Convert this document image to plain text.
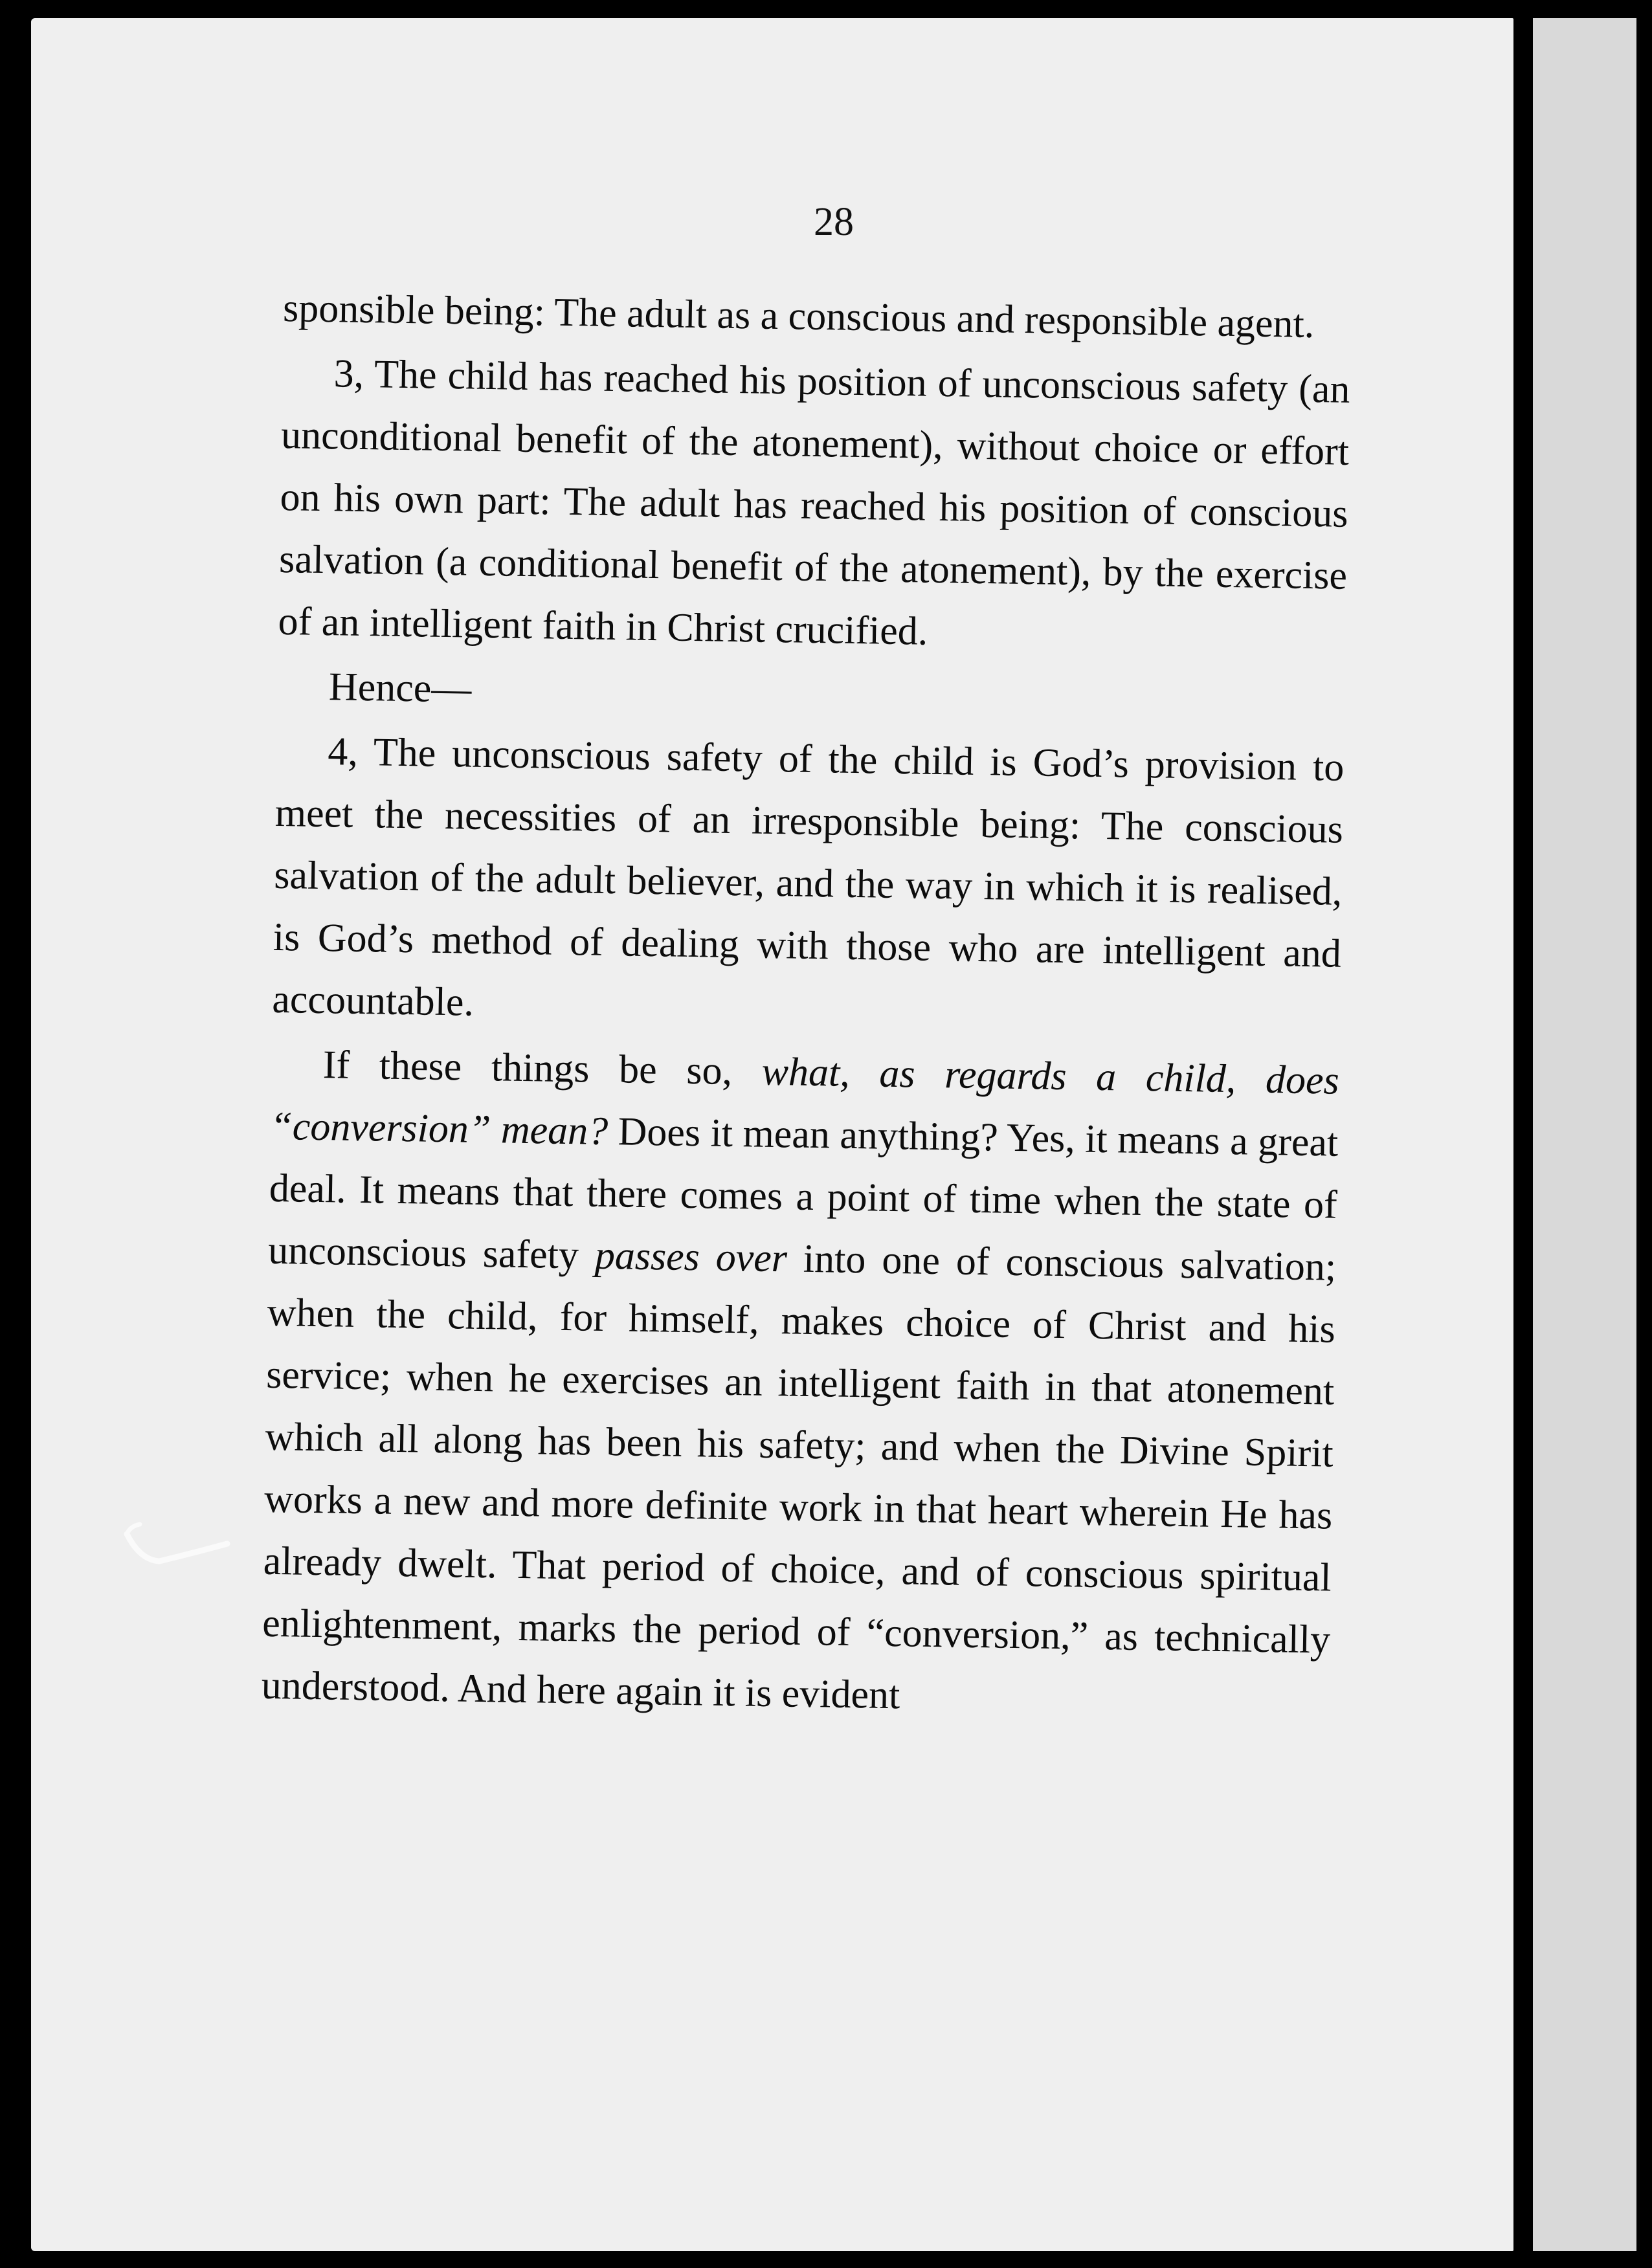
28

sponsible being: The adult as a conscious and responsible agent.

3, The child has reached his position of unconscious safety (an unconditional benefit of the atonement), without choice or effort on his own part: The adult has reached his position of conscious salvation (a conditional benefit of the atonement), by the exercise of an intelligent faith in Christ crucified.

Hence—

4, The unconscious safety of the child is God’s provision to meet the necessities of an irresponsible being: The conscious salvation of the adult believer, and the way in which it is realised, is God’s method of dealing with those who are intelligent and accountable.

If these things be so, what, as regards a child, does “conversion” mean? Does it mean anything? Yes, it means a great deal. It means that there comes a point of time when the state of unconscious safety passes over into one of conscious salvation; when the child, for himself, makes choice of Christ and his service; when he exercises an intelligent faith in that atonement which all along has been his safety; and when the Divine Spirit works a new and more definite work in that heart wherein He has already dwelt. That period of choice, and of conscious spiritual enlightenment, marks the period of “conversion,” as technically understood. And here again it is evident
